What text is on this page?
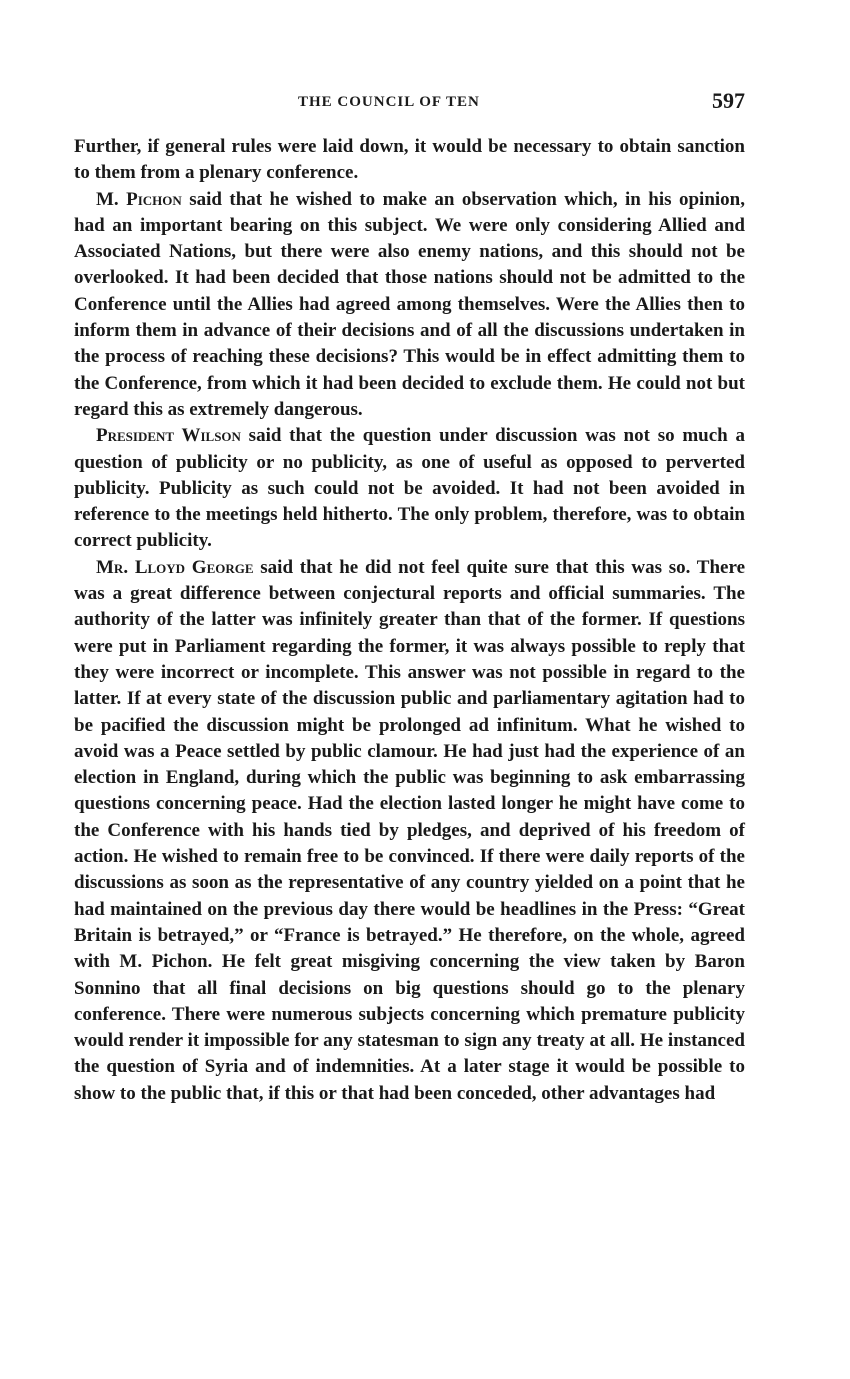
THE COUNCIL OF TEN	597

Further, if general rules were laid down, it would be necessary to obtain sanction to them from a plenary conference.

M. Pichon said that he wished to make an observation which, in his opinion, had an important bearing on this subject. We were only considering Allied and Associated Nations, but there were also enemy nations, and this should not be overlooked. It had been decided that those nations should not be admitted to the Conference until the Allies had agreed among themselves. Were the Allies then to inform them in advance of their decisions and of all the discussions undertaken in the process of reaching these decisions? This would be in effect admitting them to the Conference, from which it had been decided to exclude them. He could not but regard this as extremely dangerous.

President Wilson said that the question under discussion was not so much a question of publicity or no publicity, as one of useful as opposed to perverted publicity. Publicity as such could not be avoided. It had not been avoided in reference to the meetings held hitherto. The only problem, therefore, was to obtain correct publicity.

Mr. Lloyd George said that he did not feel quite sure that this was so. There was a great difference between conjectural reports and official summaries. The authority of the latter was infinitely greater than that of the former. If questions were put in Parliament regarding the former, it was always possible to reply that they were incorrect or incomplete. This answer was not possible in regard to the latter. If at every state of the discussion public and parliamentary agitation had to be pacified the discussion might be prolonged ad infinitum. What he wished to avoid was a Peace settled by public clamour. He had just had the experience of an election in England, during which the public was beginning to ask embarrassing questions concerning peace. Had the election lasted longer he might have come to the Conference with his hands tied by pledges, and deprived of his freedom of action. He wished to remain free to be convinced. If there were daily reports of the discussions as soon as the representative of any country yielded on a point that he had maintained on the previous day there would be headlines in the Press: “Great Britain is betrayed,” or “France is betrayed.” He therefore, on the whole, agreed with M. Pichon. He felt great misgiving concerning the view taken by Baron Sonnino that all final decisions on big questions should go to the plenary conference. There were numerous subjects concerning which premature publicity would render it impossible for any statesman to sign any treaty at all. He instanced the question of Syria and of indemnities. At a later stage it would be possible to show to the public that, if this or that had been conceded, other advantages had
